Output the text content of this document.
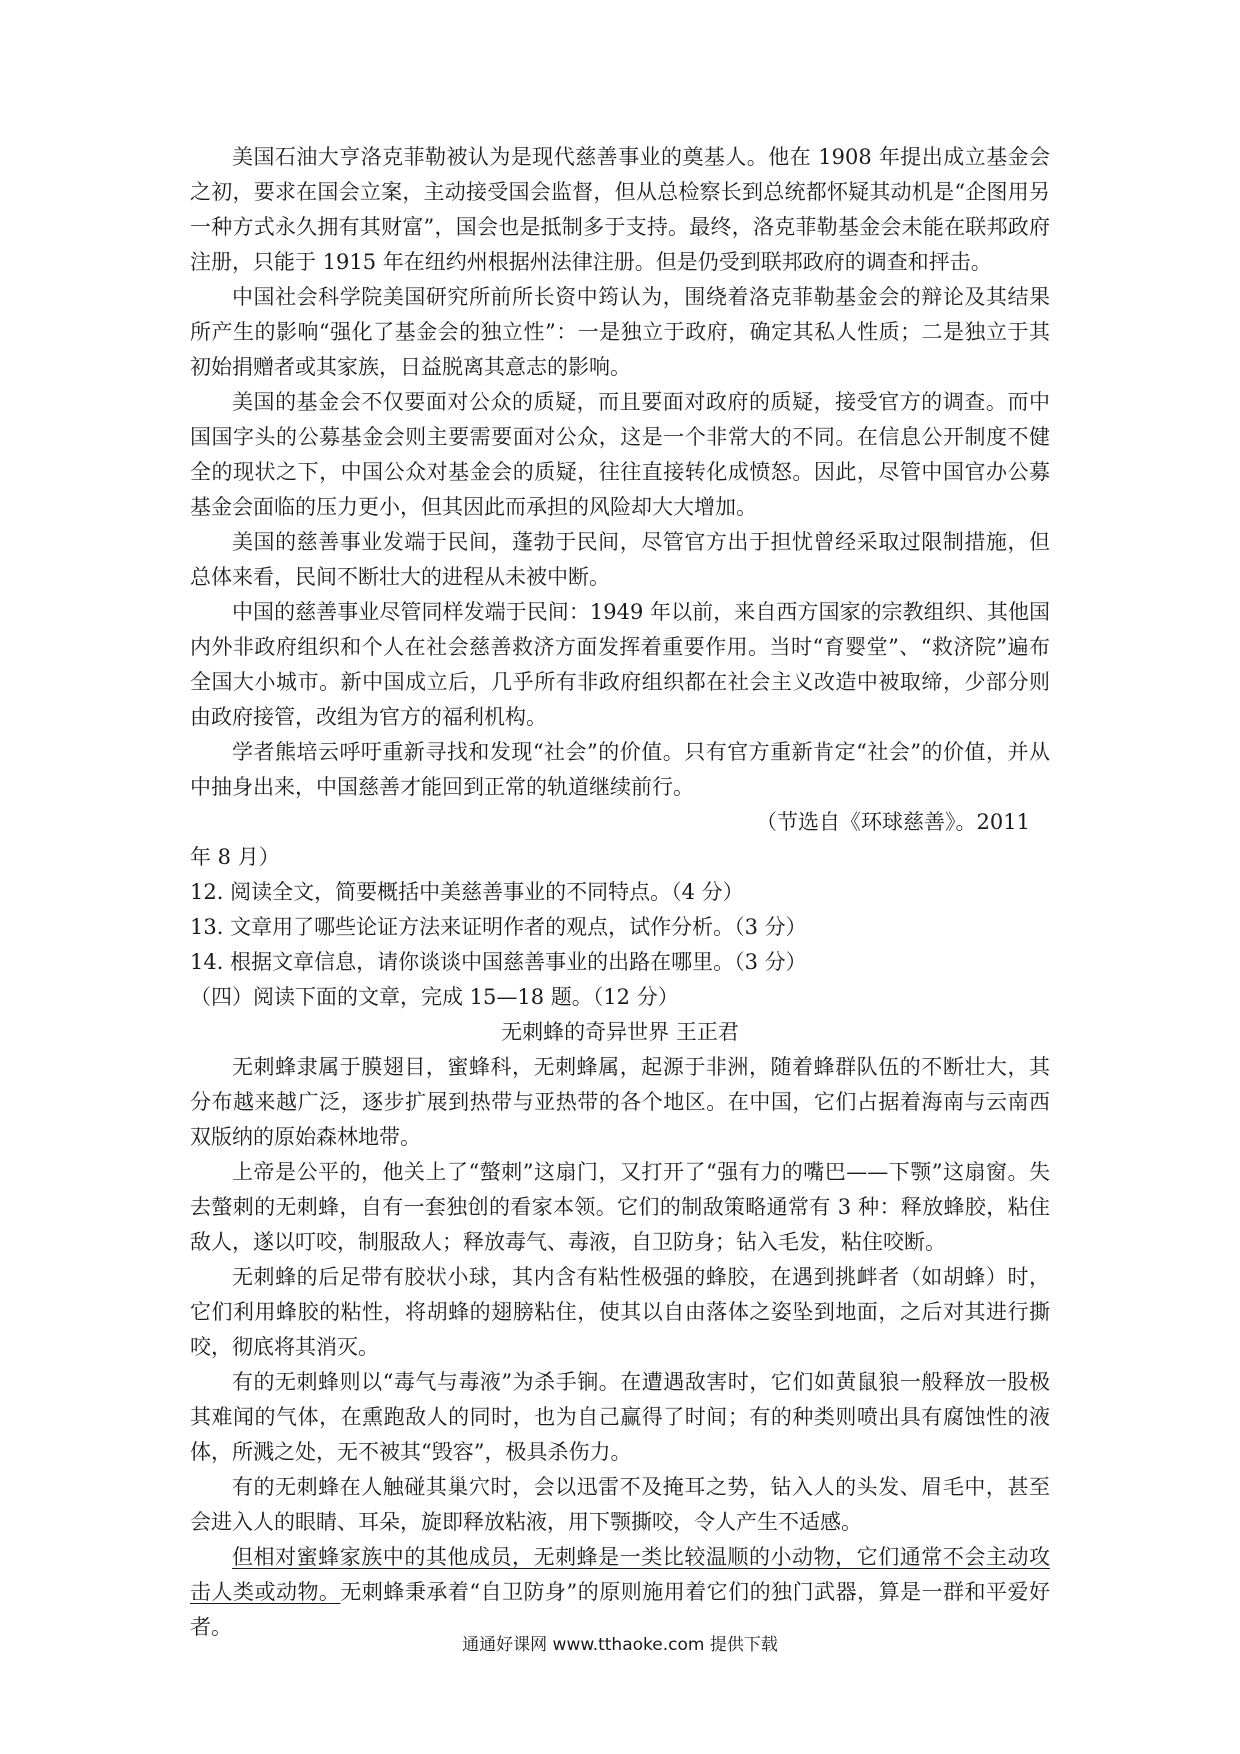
美国石油大亨洛克菲勒被认为是现代慈善事业的奠基人。他在 1908 年提出成立基金会之初，要求在国会立案，主动接受国会监督，但从总检察长到总统都怀疑其动机是“企图用另一种方式永久拥有其财富”，国会也是抵制多于支持。最终，洛克菲勒基金会未能在联邦政府注册，只能于 1915 年在纽约州根据州法律注册。但是仍受到联邦政府的调查和抨击。

中国社会科学院美国研究所前所长资中筠认为，围绕着洛克菲勒基金会的辩论及其结果所产生的影响“强化了基金会的独立性”：一是独立于政府，确定其私人性质；二是独立于其初始捐赠者或其家族，日益脱离其意志的影响。

美国的基金会不仅要面对公众的质疑，而且要面对政府的质疑，接受官方的调查。而中国国字头的公募基金会则主要需要面对公众，这是一个非常大的不同。在信息公开制度不健全的现状之下，中国公众对基金会的质疑，往往直接转化成愤怒。因此，尽管中国官办公募基金会面临的压力更小，但其因此而承担的风险却大大增加。

美国的慈善事业发端于民间，蓬勃于民间，尽管官方出于担忧曾经采取过限制措施，但总体来看，民间不断壮大的进程从未被中断。

中国的慈善事业尽管同样发端于民间：1949 年以前，来自西方国家的宗教组织、其他国内外非政府组织和个人在社会慈善救济方面发挥着重要作用。当时“育婴堂”、“救济院”遍布全国大小城市。新中国成立后，几乎所有非政府组织都在社会主义改造中被取缔，少部分则由政府接管，改组为官方的福利机构。

学者熊培云呼吁重新寻找和发现“社会”的价值。只有官方重新肯定“社会”的价值，并从中抽身出来，中国慈善才能回到正常的轨道继续前行。

（节选自《环球慈善》。2011

年 8 月）

12. 阅读全文，简要概括中美慈善事业的不同特点。（4 分）

13. 文章用了哪些论证方法来证明作者的观点，试作分析。（3 分）

14. 根据文章信息，请你谈谈中国慈善事业的出路在哪里。（3 分）

（四）阅读下面的文章，完成 15—18 题。（12 分）

无刺蜂的奇异世界 王正君

无刺蜂隶属于膜翅目，蜜蜂科，无刺蜂属，起源于非洲，随着蜂群队伍的不断壮大，其分布越来越广泛，逐步扩展到热带与亚热带的各个地区。在中国，它们占据着海南与云南西双版纳的原始森林地带。

上帝是公平的，他关上了“螫刺”这扇门，又打开了“强有力的嘴巴——下颚”这扇窗。失去螫刺的无刺蜂，自有一套独创的看家本领。它们的制敌策略通常有 3 种：释放蜂胶，粘住敌人，遂以叮咬，制服敌人；释放毒气、毒液，自卫防身；钻入毛发，粘住咬断。

无刺蜂的后足带有胶状小球，其内含有粘性极强的蜂胶，在遇到挑衅者（如胡蜂）时，它们利用蜂胶的粘性，将胡蜂的翅膀粘住，使其以自由落体之姿坠到地面，之后对其进行撕咬，彻底将其消灭。

有的无刺蜂则以“毒气与毒液”为杀手锏。在遭遇敌害时，它们如黄鼠狼一般释放一股极其难闻的气体，在熏跑敌人的同时，也为自己赢得了时间；有的种类则喷出具有腐蚀性的液体，所溅之处，无不被其“毁容”，极具杀伤力。

有的无刺蜂在人触碰其巢穴时，会以迅雷不及掩耳之势，钻入人的头发、眉毛中，甚至会进入人的眼睛、耳朵，旋即释放粘液，用下颚撕咬，令人产生不适感。

但相对蜜蜂家族中的其他成员，无刺蜂是一类比较温顺的小动物，它们通常不会主动攻击人类或动物。无刺蜂秉承着“自卫防身”的原则施用着它们的独门武器，算是一群和平爱好者。

通通好课网 www.tthaoke.com 提供下载
